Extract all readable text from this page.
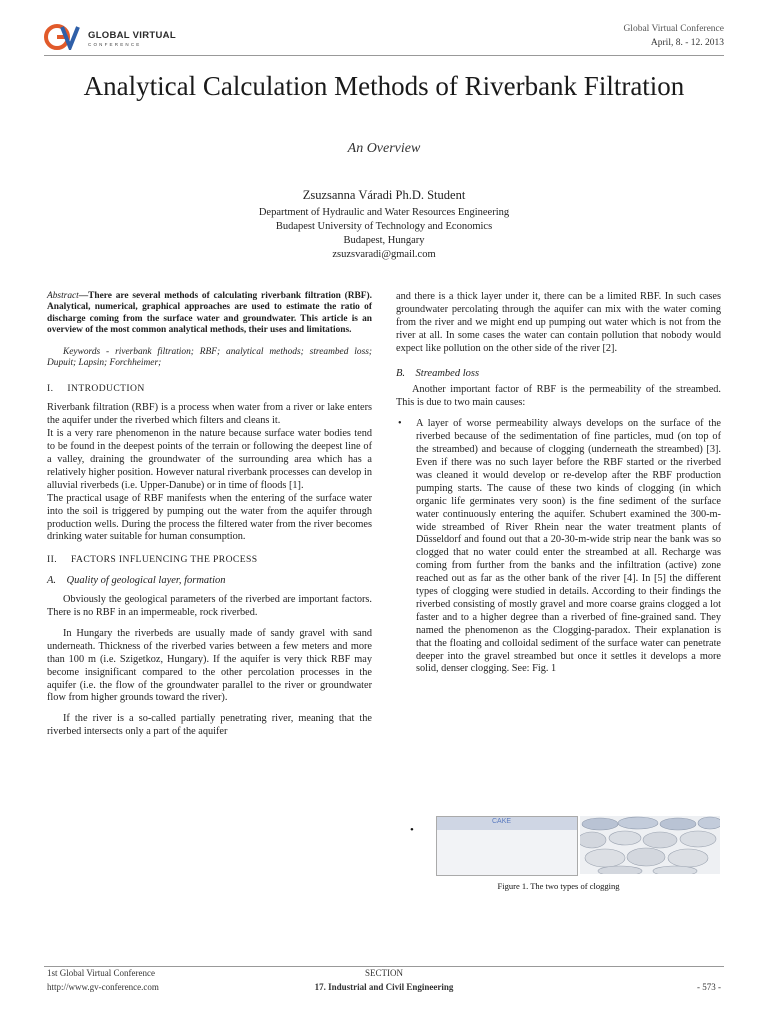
GLOBAL VIRTUAL
CONFERENCE
Global Virtual Conference
April, 8. - 12. 2013
Analytical Calculation Methods of Riverbank Filtration
An Overview
Zsuzsanna Váradi Ph.D. Student
Department of Hydraulic and Water Resources Engineering
Budapest University of Technology and Economics
Budapest, Hungary
zsuzsvaradi@gmail.com

Abstract—There are several methods of calculating riverbank filtration (RBF). Analytical, numerical, graphical approaches are used to estimate the ratio of discharge coming from the surface water and groundwater. This article is an overview of the most common analytical methods, their uses and limitations.

Keywords - riverbank filtration; RBF; analytical methods; streambed loss; Dupuit; Lapsin; Forchheimer;

I. INTRODUCTION

Riverbank filtration (RBF) is a process when water from a river or lake enters the aquifer under the riverbed which filters and cleans it.

It is a very rare phenomenon in the nature because surface water bodies tend to be found in the deepest points of the terrain or following the deepest line of a valley, draining the groundwater of the surrounding area which has a relatively higher position. However natural riverbank processes can develop in alluvial riverbeds (i.e. Upper-Danube) or in time of floods [1].

The practical usage of RBF manifests when the entering of the surface water into the soil is triggered by pumping out the water from the aquifer through production wells. During the process the filtered water from the river becomes drinking water suitable for human consumption.

II. FACTORS INFLUENCING THE PROCESS

A. Quality of geological layer, formation

Obviously the geological parameters of the riverbed are important factors. There is no RBF in an impermeable, rock riverbed.

In Hungary the riverbeds are usually made of sandy gravel with sand underneath. Thickness of the riverbed varies between a few meters and more than 100 m (i.e. Szigetkoz, Hungary). If the aquifer is very thick RBF may become insignificant compared to the other percolation processes in the aquifer (i.e. the flow of the groundwater parallel to the river or groundwater flow from higher grounds toward the river).

If the river is a so-called partially penetrating river, meaning that the riverbed intersects only a part of the aquifer

and there is a thick layer under it, there can be a limited RBF. In such cases groundwater percolating through the aquifer can mix with the water coming from the river and we might end up pumping out water which is not from the river at all. In some cases the water can contain pollution that nobody would expect like pollution on the other side of the river [2].

B. Streambed loss

Another important factor of RBF is the permeability of the streambed. This is due to two main causes:

• A layer of worse permeability always develops on the surface of the riverbed because of the sedimentation of fine particles, mud (on top of the streambed) and because of clogging (underneath the streambed) [3]. Even if there was no such layer before the RBF started or the riverbed was cleaned it would develop or re-develop after the RBF production pumping starts. The cause of these two kinds of clogging (in which organic life germinates very soon) is the fine sediment of the surface water continuously entering the aquifer. Schubert examined the 300-m-wide streambed of River Rhein near the water treatment plants of Düsseldorf and found out that a 20-30-m-wide strip near the bank was so clogged that no water could enter the streambed at all. Recharge was coming from further from the banks and the infiltration (active) zone reached out as far as the other bank of the river [4]. In [5] the different types of clogging were studied in details. According to their findings the riverbed consisting of mostly gravel and more coarse grains clogged a lot faster and to a higher degree than a riverbed of fine-grained sand. They named the phenomenon as the Clogging-paradox. Their explanation is that the floating and colloidal sediment of the surface water can penetrate deeper into the gravel streambed but once it settles it develops a more solid, denser clogging. See: Fig. 1

•
CAKE
Figure 1. The two types of clogging
1st Global Virtual Conference
http://www.gv-conference.com
SECTION
17. Industrial and Civil Engineering	- 573 -
